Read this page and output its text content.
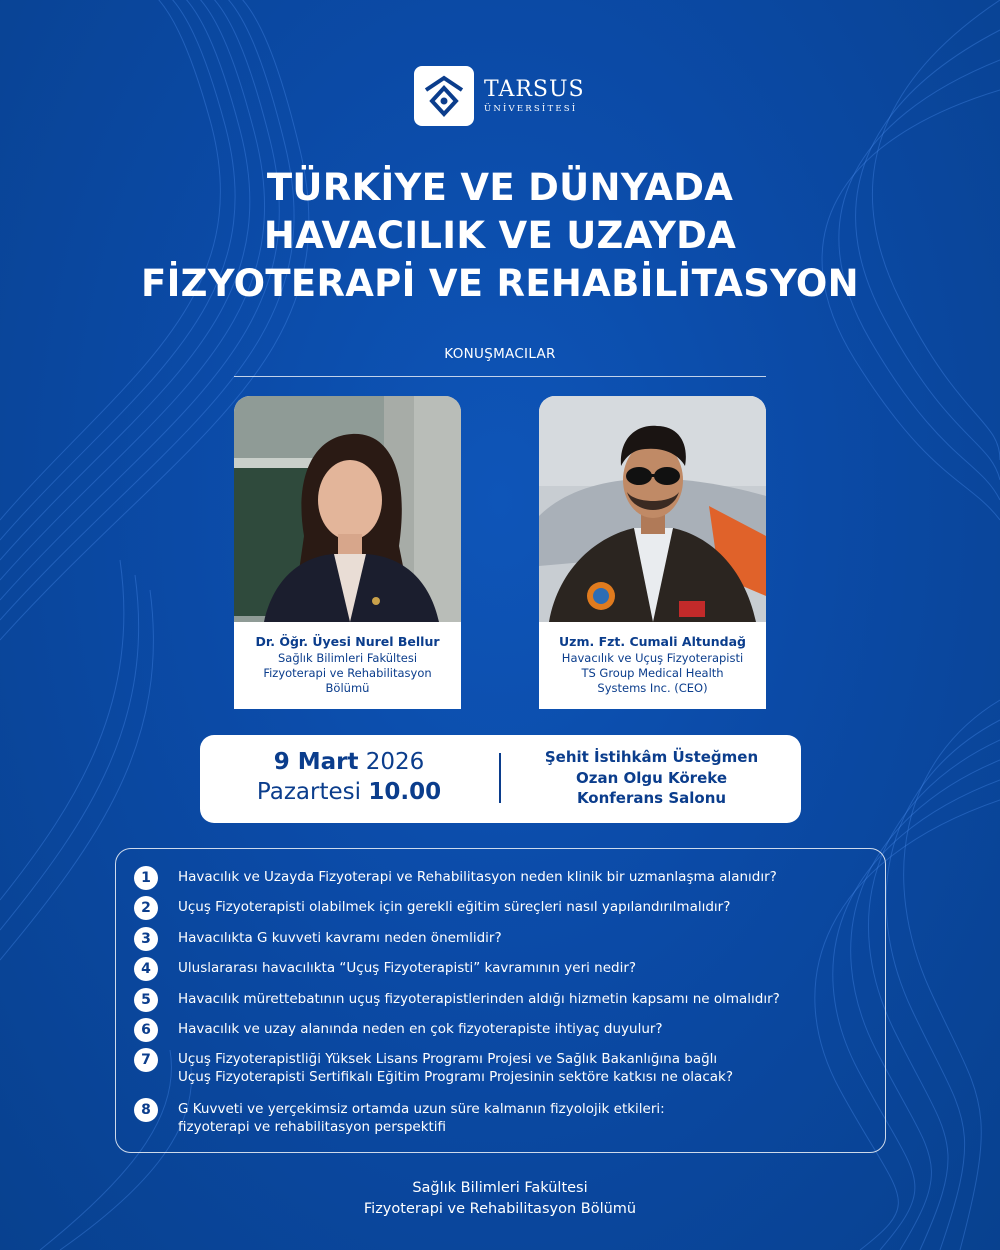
TARSUS
ÜNİVERSİTESİ
TÜRKİYE VE DÜNYADA
HAVACILIK VE UZAYDA
FİZYOTERAPİ VE REHABİLİTASYON
KONUŞMACILAR
Dr. Öğr. Üyesi Nurel Bellur
Sağlık Bilimleri Fakültesi
Fizyoterapi ve Rehabilitasyon
Bölümü
Uzm. Fzt. Cumali Altundağ
Havacılık ve Uçuş Fizyoterapisti
TS Group Medical Health
Systems Inc. (CEO)
9 Mart 2026
Pazartesi 10.00
Şehit İstihkâm Üsteğmen
Ozan Olgu Köreke
Konferans Salonu
1	Havacılık ve Uzayda Fizyoterapi ve Rehabilitasyon neden klinik bir uzmanlaşma alanıdır?
2	Uçuş Fizyoterapisti olabilmek için gerekli eğitim süreçleri nasıl yapılandırılmalıdır?
3	Havacılıkta G kuvveti kavramı neden önemlidir?
4	Uluslararası havacılıkta “Uçuş Fizyoterapisti” kavramının yeri nedir?
5	Havacılık mürettebatının uçuş fizyoterapistlerinden aldığı hizmetin kapsamı ne olmalıdır?
6	Havacılık ve uzay alanında neden en çok fizyoterapiste ihtiyaç duyulur?
7	Uçuş Fizyoterapistliği Yüksek Lisans Programı Projesi ve Sağlık Bakanlığına bağlı
Uçuş Fizyoterapisti Sertifikalı Eğitim Programı Projesinin sektöre katkısı ne olacak?
8	G Kuvveti ve yerçekimsiz ortamda uzun süre kalmanın fizyolojik etkileri:
fizyoterapi ve rehabilitasyon perspektifi
Sağlık Bilimleri Fakültesi
Fizyoterapi ve Rehabilitasyon Bölümü
